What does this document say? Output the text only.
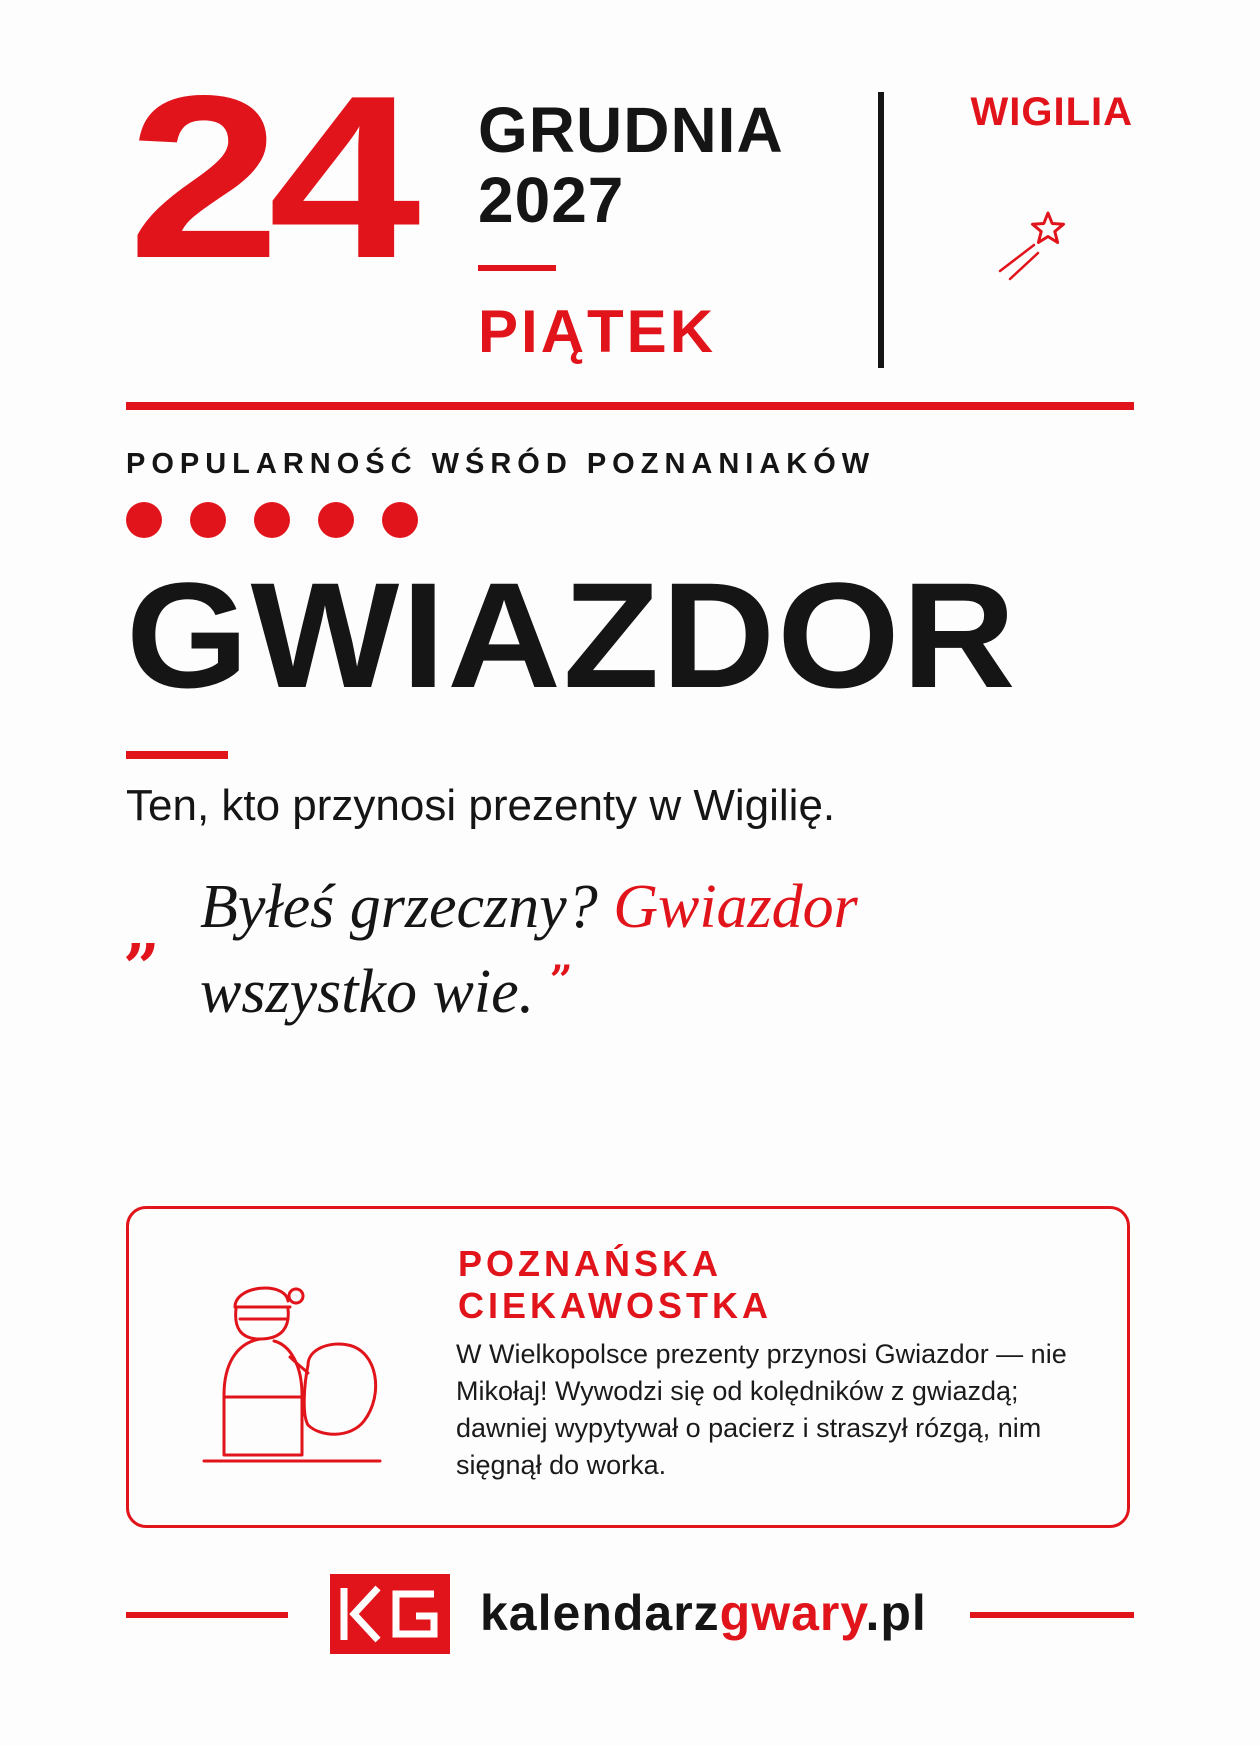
24 GRUDNIA
2027
PIĄTEK
WIGILIA
POPULARNOŚĆ WŚRÓD POZNANIAKÓW
GWIAZDOR
Ten, kto przynosi prezenty w Wigilię.
„ Byłeś grzeczny? Gwiazdor
wszystko wie. ”
POZNAŃSKA
CIEKAWOSTKA
W Wielkopolsce prezenty przynosi Gwiazdor — nie Mikołaj! Wywodzi się od kolędników z gwiazdą; dawniej wypytywał o pacierz i straszył rózgą, nim sięgnął do worka.
kalendarzgwary.pl
